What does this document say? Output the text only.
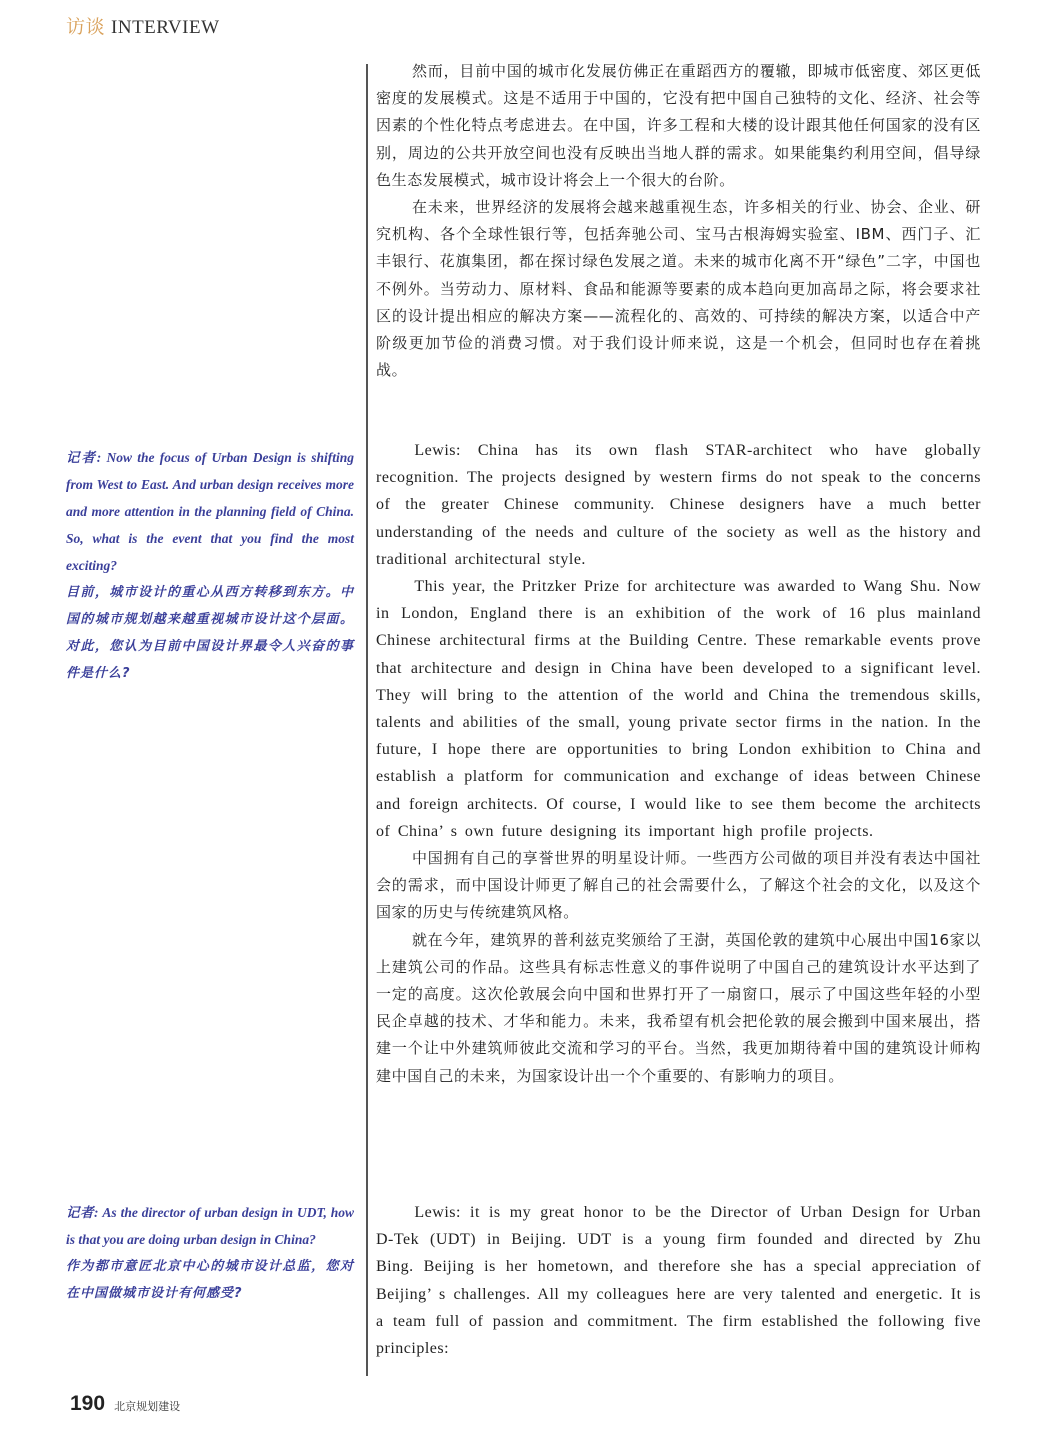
访谈 INTERVIEW
记者: Now the focus of Urban Design is shifting from West to East. And urban design receives more and more attention in the planning field of China. So, what is the event that you find the most exciting?
目前，城市设计的重心从西方转移到东方。中国的城市规划越来越重视城市设计这个层面。对此，您认为目前中国设计界最令人兴奋的事件是什么?
记者: As the director of urban design in UDT, how is that you are doing urban design in China?
作为都市意匠北京中心的城市设计总监，您对在中国做城市设计有何感受?

然而，目前中国的城市化发展仿佛正在重蹈西方的覆辙，即城市低密度、郊区更低密度的发展模式。这是不适用于中国的，它没有把中国自己独特的文化、经济、社会等因素的个性化特点考虑进去。在中国，许多工程和大楼的设计跟其他任何国家的没有区别，周边的公共开放空间也没有反映出当地人群的需求。如果能集约利用空间，倡导绿色生态发展模式，城市设计将会上一个很大的台阶。

在未来，世界经济的发展将会越来越重视生态，许多相关的行业、协会、企业、研究机构、各个全球性银行等，包括奔驰公司、宝马古根海姆实验室、IBM、西门子、汇丰银行、花旗集团，都在探讨绿色发展之道。未来的城市化离不开“绿色”二字，中国也不例外。当劳动力、原材料、食品和能源等要素的成本趋向更加高昂之际，将会要求社区的设计提出相应的解决方案——流程化的、高效的、可持续的解决方案，以适合中产阶级更加节俭的消费习惯。对于我们设计师来说，这是一个机会，但同时也存在着挑战。

Lewis: China has its own flash STAR-architect who have globally recognition. The projects designed by western firms do not speak to the concerns of the greater Chinese community. Chinese designers have a much better understanding of the needs and culture of the society as well as the history and traditional architectural style.

This year, the Pritzker Prize for architecture was awarded to Wang Shu. Now in London, England there is an exhibition of the work of 16 plus mainland Chinese architectural firms at the Building Centre. These remarkable events prove that architecture and design in China have been developed to a significant level. They will bring to the attention of the world and China the tremendous skills, talents and abilities of the small, young private sector firms in the nation. In the future, I hope there are opportunities to bring London exhibition to China and establish a platform for communication and exchange of ideas between Chinese and foreign architects. Of course, I would like to see them become the architects of China’ s own future designing its important high profile projects.

中国拥有自己的享誉世界的明星设计师。一些西方公司做的项目并没有表达中国社会的需求，而中国设计师更了解自己的社会需要什么，了解这个社会的文化，以及这个国家的历史与传统建筑风格。

就在今年，建筑界的普利兹克奖颁给了王澍，英国伦敦的建筑中心展出中国16家以上建筑公司的作品。这些具有标志性意义的事件说明了中国自己的建筑设计水平达到了一定的高度。这次伦敦展会向中国和世界打开了一扇窗口，展示了中国这些年轻的小型民企卓越的技术、才华和能力。未来，我希望有机会把伦敦的展会搬到中国来展出，搭建一个让中外建筑师彼此交流和学习的平台。当然，我更加期待着中国的建筑设计师构建中国自己的未来，为国家设计出一个个重要的、有影响力的项目。

Lewis: it is my great honor to be the Director of Urban Design for Urban D-Tek (UDT) in Beijing. UDT is a young firm founded and directed by Zhu Bing. Beijing is her hometown, and therefore she has a special appreciation of Beijing’ s challenges. All my colleagues here are very talented and energetic. It is a team full of passion and commitment. The firm established the following five principles:

190 北京规划建设
